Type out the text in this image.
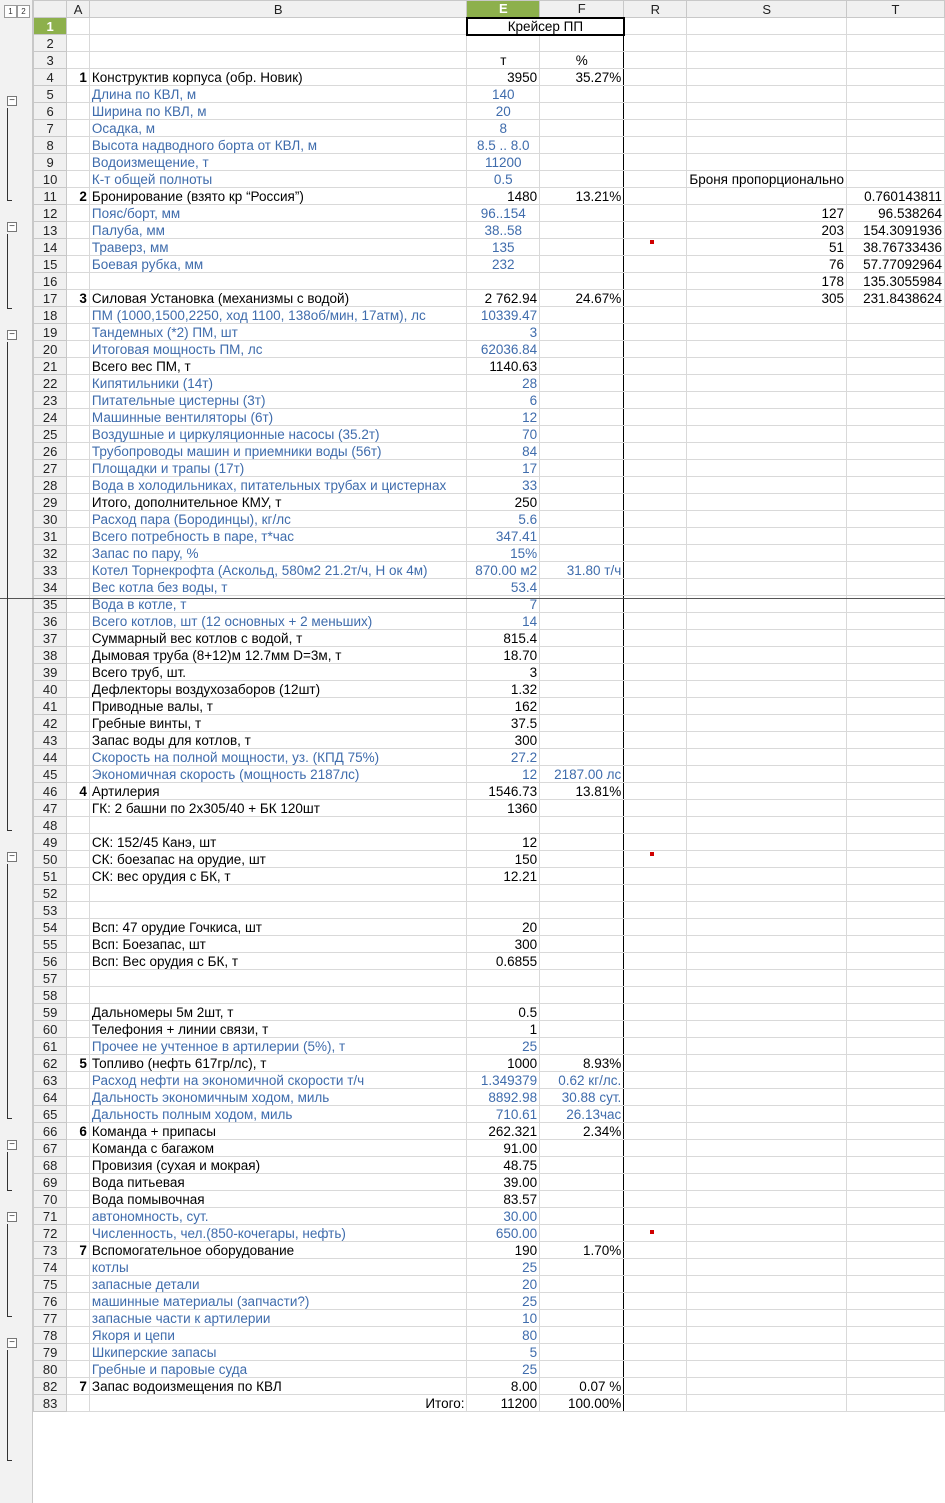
1	2
		A	B	E	F	R	S	T
1			Крейсер ПП				
2							
3			т	%			
4	1	Конструктив корпуса (обр. Новик)	3950	35.27%			
5		Длина по КВЛ, м	140				
6		Ширина по КВЛ, м	20				
7		Осадка, м	8				
8		Высота надводного борта от КВЛ, м	8.5 .. 8.0				
9		Водоизмещение, т	11200				
10		К-т общей полноты	0.5			Броня пропорционально	
11	2	Бронирование (взято кр “Россия”)	1480	13.21%			0.760143811
12		Пояс/борт, мм	96..154			127	96.538264
13		Палуба, мм	38..58			203	154.3091936
14		Траверз, мм	135			51	38.76733436
15		Боевая рубка, мм	232			76	57.77092964
16						178	135.3055984
17	3	Силовая Установка (механизмы с водой)	2 762.94	24.67%		305	231.8438624
18		ПМ (1000,1500,2250, ход 1100, 138об/мин, 17атм), лс	10339.47				
19		Тандемных (*2) ПМ, шт	3				
20		Итоговая мощность ПМ, лс	62036.84				
21		Всего вес ПМ, т	1140.63				
22		Кипятильники (14т)	28				
23		Питательные цистерны (3т)	6				
24		Машинные вентиляторы (6т)	12				
25		Воздушные и циркуляционные насосы (35.2т)	70				
26		Трубопроводы машин и приемники воды (56т)	84				
27		Площадки и трапы (17т)	17				
28		Вода в холодильниках, питательных трубах и цистернах	33				
29		Итого, дополнительное КМУ, т	250				
30		Расход пара (Бородинцы), кг/лс	5.6				
31		Всего потребность в паре, т*час	347.41				
32		Запас по пару, %	15%				
33		Котел Торнекрофта (Аскольд, 580м2 21.2т/ч, Н ок 4м)	870.00 м2	31.80 т/ч			
34		Вес котла без воды, т	53.4				
35		Вода в котле, т	7				
36		Всего котлов, шт (12 основных + 2 меньших)	14				
37		Суммарный вес котлов с водой, т	815.4				
38		Дымовая труба (8+12)м 12.7мм D=3м, т	18.70				
39		Всего труб, шт.	3				
40		Дефлекторы воздухозаборов (12шт)	1.32				
41		Приводные валы, т	162				
42		Гребные винты, т	37.5				
43		Запас воды для котлов, т	300				
44		Скорость на полной мощности, уз. (КПД 75%)	27.2				
45		Экономичная скорость (мощность 2187лс)	12	2187.00 лс			
46	4	Артилерия	1546.73	13.81%			
47		ГК: 2 башни по 2х305/40 + БК 120шт	1360				
48							
49		СК: 152/45 Канэ, шт	12				
50		СК: боезапас на орудие, шт	150				
51		СК: вес орудия с БК, т	12.21				
52							
53							
54		Всп: 47 орудие Гочкиса, шт	20				
55		Всп: Боезапас, шт	300				
56		Всп: Вес орудия с БК, т	0.6855				
57							
58							
59		Дальномеры 5м 2шт, т	0.5				
60		Телефония + линии связи, т	1				
61		Прочее не учтенное в артилерии (5%), т	25				
62	5	Топливо (нефть 617гр/лс), т	1000	8.93%			
63		Расход нефти на экономичной скорости т/ч	1.349379	0.62 кг/лс.			
64		Дальность экономичным ходом, миль	8892.98	30.88 сут.			
65		Дальность полным ходом, миль	710.61	26.13час			
66	6	Команда + припасы	262.321	2.34%			
67		Команда с багажом	91.00				
68		Провизия (сухая и мокрая)	48.75				
69		Вода питьевая	39.00				
70		Вода помывочная	83.57				
71		автономность, сут.	30.00				
72		Численность, чел.(850-кочегары, нефть)	650.00				
73	7	Вспомогательное оборудование	190	1.70%			
74		котлы	25				
75		запасные детали	20				
76		машинные материалы (запчасти?)	25				
77		запасные части к артилерии	10				
78		Якоря и цепи	80				
79		Шкиперские запасы	5				
80		Гребные и паровые суда	25				
82	7	Запас водоизмещения по КВЛ	8.00	0.07 %			
83		Итого:	11200	100.00%			
−
−
−
−
−
−
−
